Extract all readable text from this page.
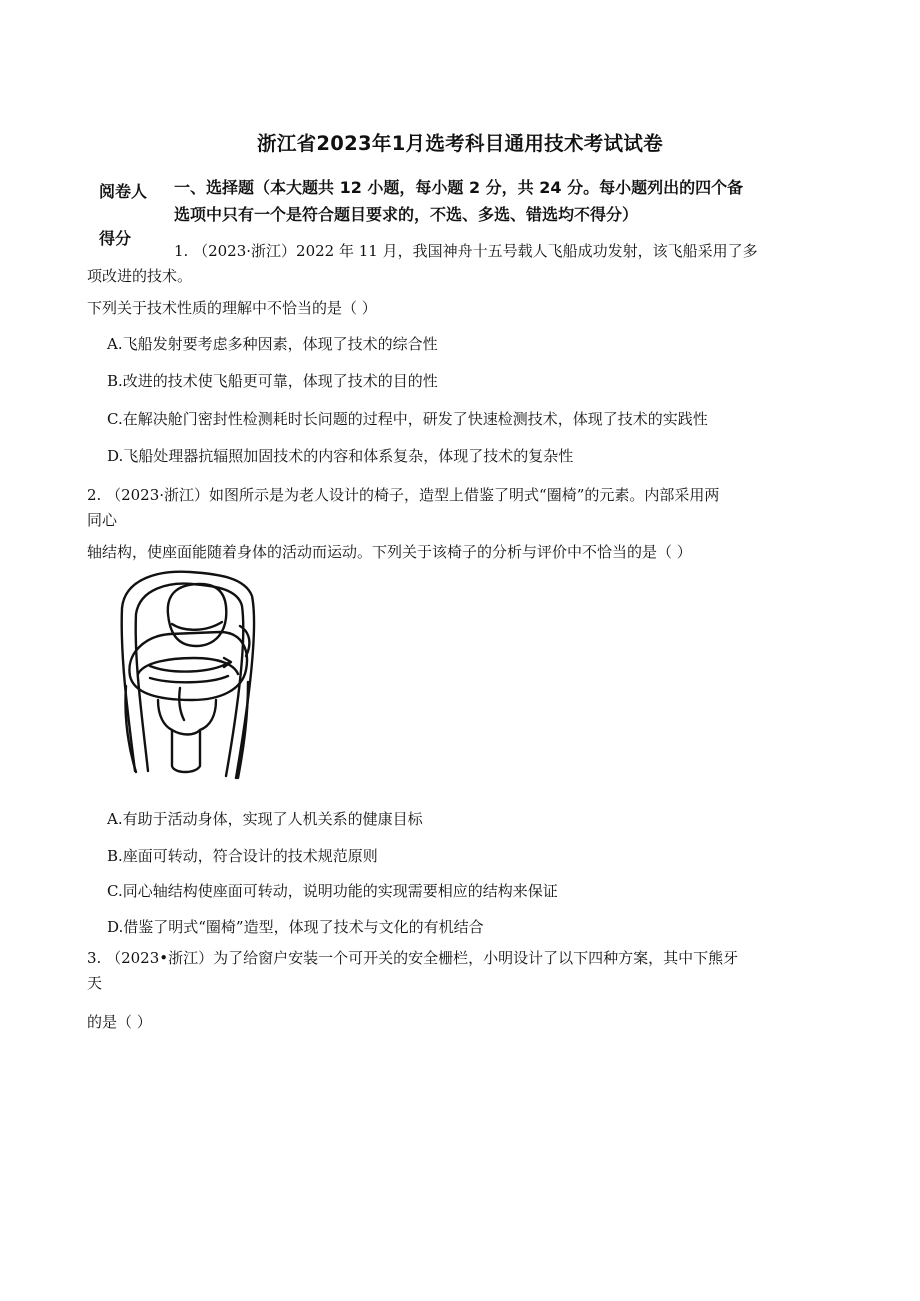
浙江省2023年1月选考科目通用技术考试试卷
阅卷人
得分
一、选择题（本大题共 12 小题，每小题 2 分，共 24 分。每小题列出的四个备
选项中只有一个是符合题目要求的，不选、多选、错选均不得分）
1. （2023·浙江）2022 年 11 月，我国神舟十五号载人飞船成功发射，该飞船采用了多
项改进的技术。
下列关于技术性质的理解中不恰当的是（ ）
A.飞船发射要考虑多种因素，体现了技术的综合性
B.改进的技术使飞船更可靠，体现了技术的目的性
C.在解决舱门密封性检测耗时长问题的过程中，研发了快速检测技术，体现了技术的实践性
D.飞船处理器抗辐照加固技术的内容和体系复杂，体现了技术的复杂性
2. （2023·浙江）如图所示是为老人设计的椅子，造型上借鉴了明式“圈椅”的元素。内部采用两
同心
轴结构，使座面能随着身体的活动而运动。下列关于该椅子的分析与评价中不恰当的是（ ）
A.有助于活动身体，实现了人机关系的健康目标
B.座面可转动，符合设计的技术规范原则
C.同心轴结构使座面可转动，说明功能的实现需要相应的结构来保证
D.借鉴了明式“圈椅”造型，体现了技术与文化的有机结合
3. （2023•浙江）为了给窗户安装一个可开关的安全栅栏，小明设计了以下四种方案，其中下熊牙
天
的是（ ）
